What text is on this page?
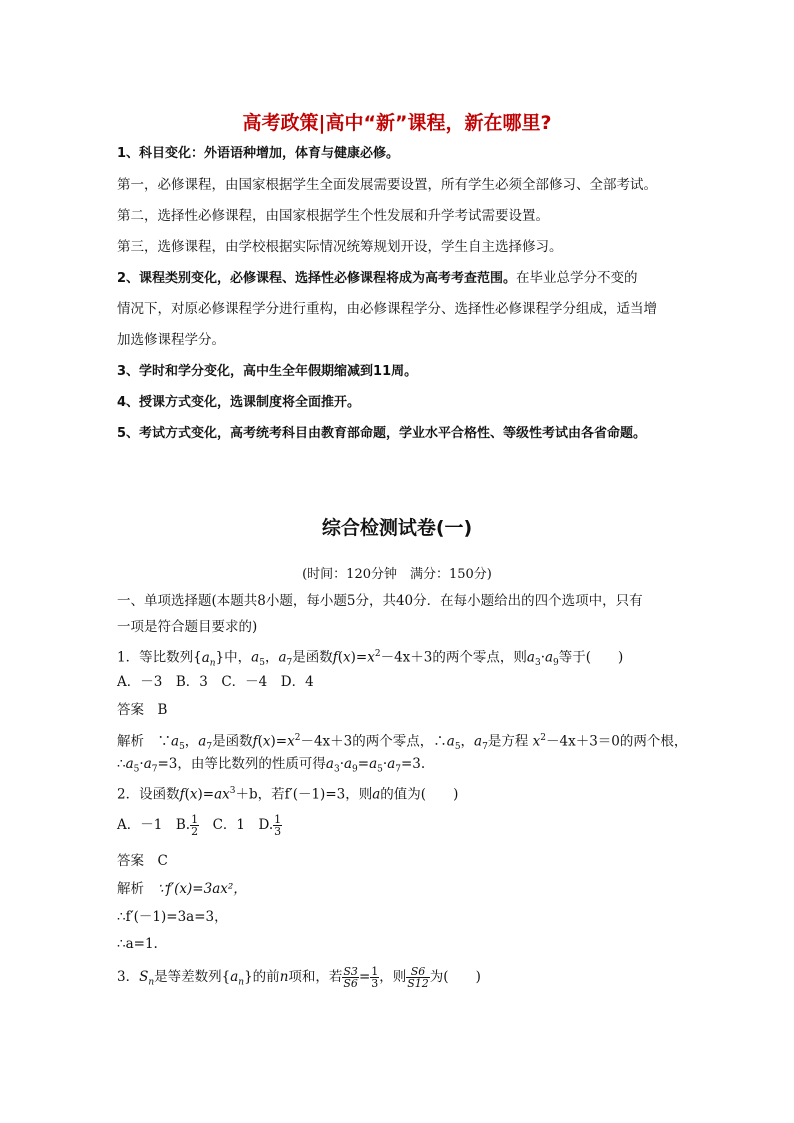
高考政策|高中“新”课程，新在哪里?
1、科目变化：外语语种增加，体育与健康必修。
第一，必修课程，由国家根据学生全面发展需要设置，所有学生必须全部修习、全部考试。
第二，选择性必修课程，由国家根据学生个性发展和升学考试需要设置。
第三，选修课程，由学校根据实际情况统筹规划开设，学生自主选择修习。
2、课程类别变化，必修课程、选择性必修课程将成为高考考查范围。在毕业总学分不变的
情况下，对原必修课程学分进行重构，由必修课程学分、选择性必修课程学分组成，适当增
加选修课程学分。
3、学时和学分变化，高中生全年假期缩减到11周。
4、授课方式变化，选课制度将全面推开。
5、考试方式变化，高考统考科目由教育部命题，学业水平合格性、等级性考试由各省命题。
综合检测试卷(一)
(时间：120分钟　满分：150分)
一、单项选择题(本题共8小题，每小题5分，共40分．在每小题给出的四个选项中，只有
一项是符合题目要求的)
1．等比数列$\{a_n\}$中，$a_5$，$a_7$是函数$f(x)=x^2-4x+3$的两个零点，则$a_3\cdot a_9$等于(　　)
A．－3　B．3　C．－4　D．4
答案　 B
解析　 $\because a_5$，$a_7$是函数$f(x)=x^2-4x+3$的两个零点，$\therefore a_5$，$a_7$是方程 $x^2-4x+3=0$的两个根，
$\therefore a_5\cdot a_7=3$，由等比数列的性质可得$a_3\cdot a_9=a_5\cdot a_7=3$.
2．设函数$f(x)=ax^3+b$，若f′(－1)=3，则a的值为(　　)
A．－1　B. $\frac{1}{2}$
　 C．1　D. $\frac{1}{3}$
答案　 C
解析　 ∵f′(x)=3ax²，
∴f′(－1)=3a=3，
∴a=1.
3．$S_n$是等差数列$\{a_n\}$的前n项和，若 $\frac{S3}{S6} = \frac{1}{3}$ ，则 $\frac{S6}{S12}$ 为(　　)
